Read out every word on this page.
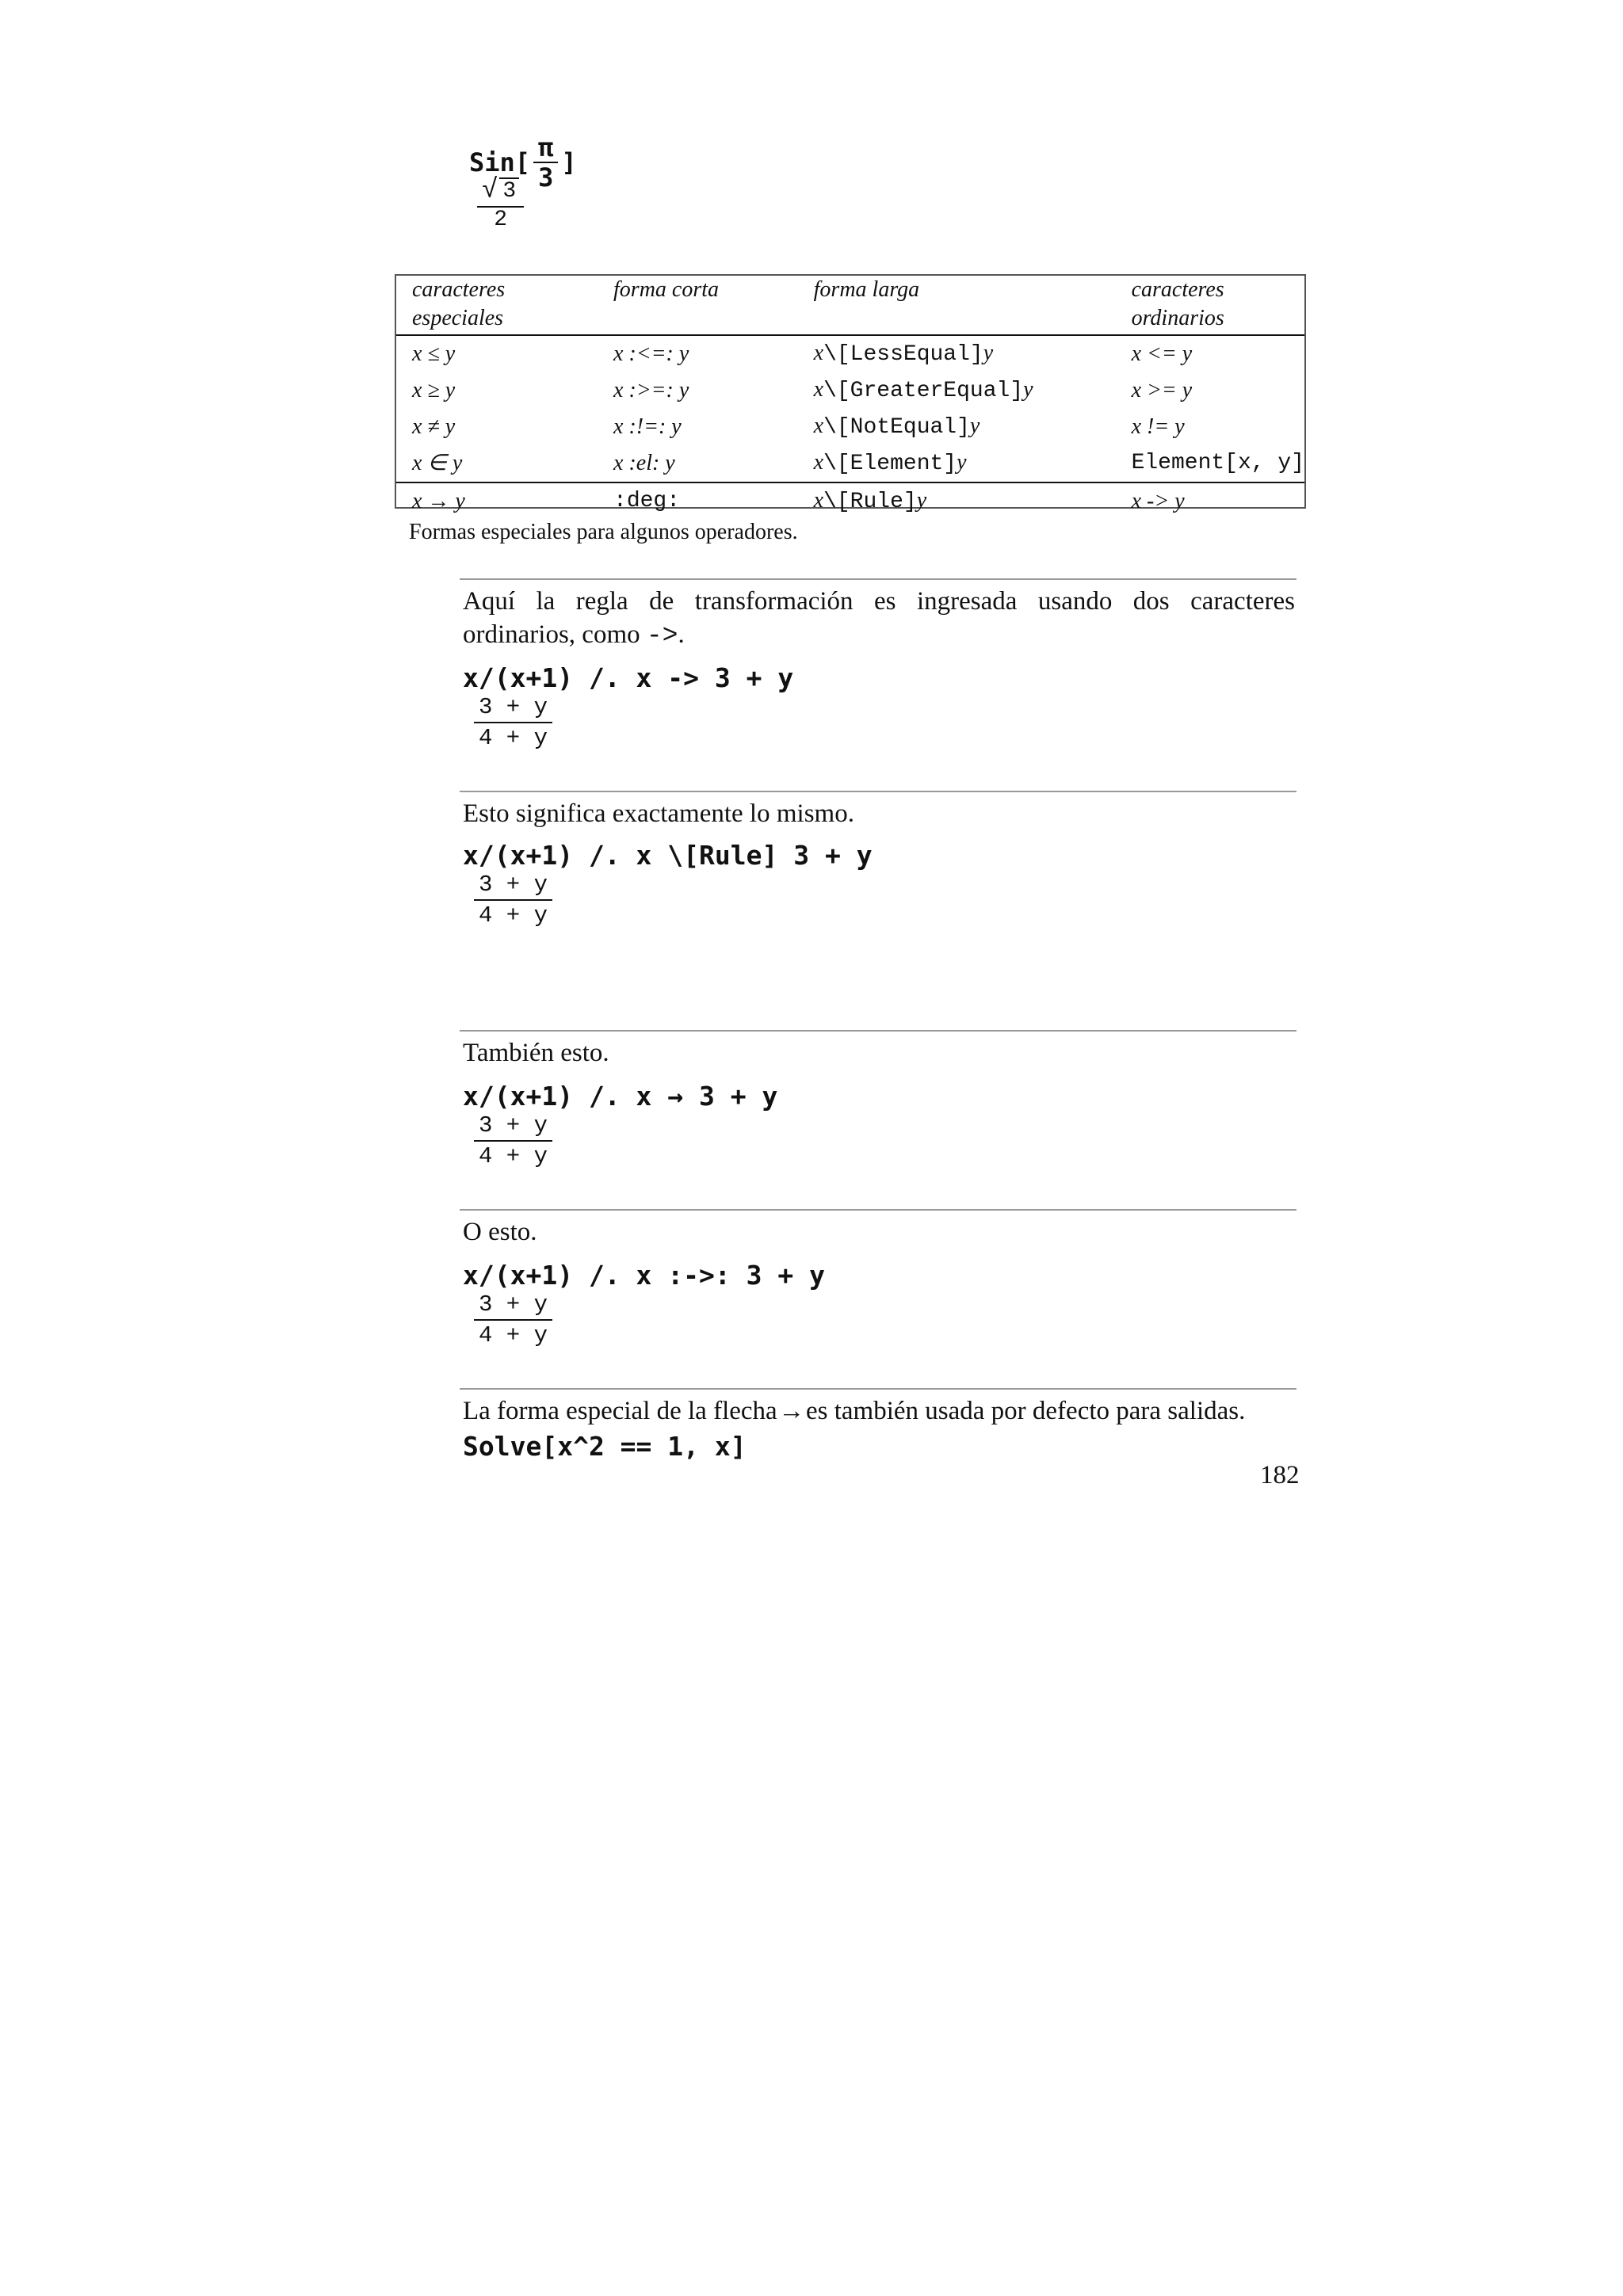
$Sin[ \frac{\pi}{3}$ ]
$\frac{√ 3}{2}$
caracteres
especiales	forma corta	forma larga	caracteres
ordinarios
x ≤ y	x :<=: y	x\[LessEqual]y	x <= y
x ≥ y	x :>=: y	x\[GreaterEqual]y	x >= y
x ≠ y	x :!=: y	x\[NotEqual]y	x != y
x ∈ y	x :el: y	x\[Element]y	Element[x, y]
x → y	:deg:	x\[Rule]y	x -> y
Formas especiales para algunos operadores.
Aquí la regla de transformación es ingresada usando dos caracteres
ordinarios, como ->.
x/(x+1) /. x -> 3 + y
$\frac{3 + y}{4 + y}$
Esto significa exactamente lo mismo.
x/(x+1) /. x \[Rule] 3 + y
$\frac{3 + y}{4 + y}$
También esto.
x/(x+1) /. x → 3 + y
$\frac{3 + y}{4 + y}$
O esto.
x/(x+1) /. x :->: 3 + y
$\frac{3 + y}{4 + y}$
La forma especial de la flecha → es también usada por defecto para salidas.
Solve[x^2 == 1, x]
182
